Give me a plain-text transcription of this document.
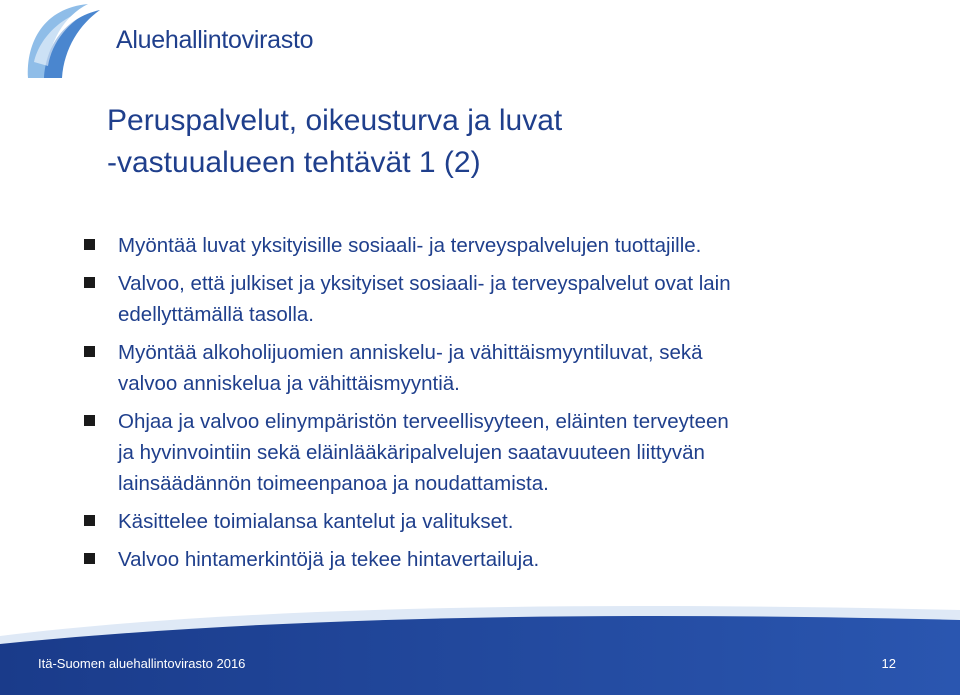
Aluehallintovirasto
Peruspalvelut, oikeusturva ja luvat
-vastuualueen tehtävät 1 (2)
Myöntää luvat yksityisille sosiaali- ja terveyspalvelujen tuottajille.
Valvoo, että julkiset ja yksityiset sosiaali- ja terveyspalvelut ovat lain
edellyttämällä tasolla.
Myöntää alkoholijuomien anniskelu- ja vähittäismyyntiluvat, sekä
valvoo anniskelua ja vähittäismyyntiä.
Ohjaa ja valvoo elinympäristön terveellisyyteen, eläinten terveyteen
ja hyvinvointiin sekä eläinlääkäripalvelujen saatavuuteen liittyvän
lainsäädännön toimeenpanoa ja noudattamista.
Käsittelee toimialansa kantelut ja valitukset.
Valvoo hintamerkintöjä ja tekee hintavertailuja.
Itä-Suomen aluehallintovirasto 2016	12
